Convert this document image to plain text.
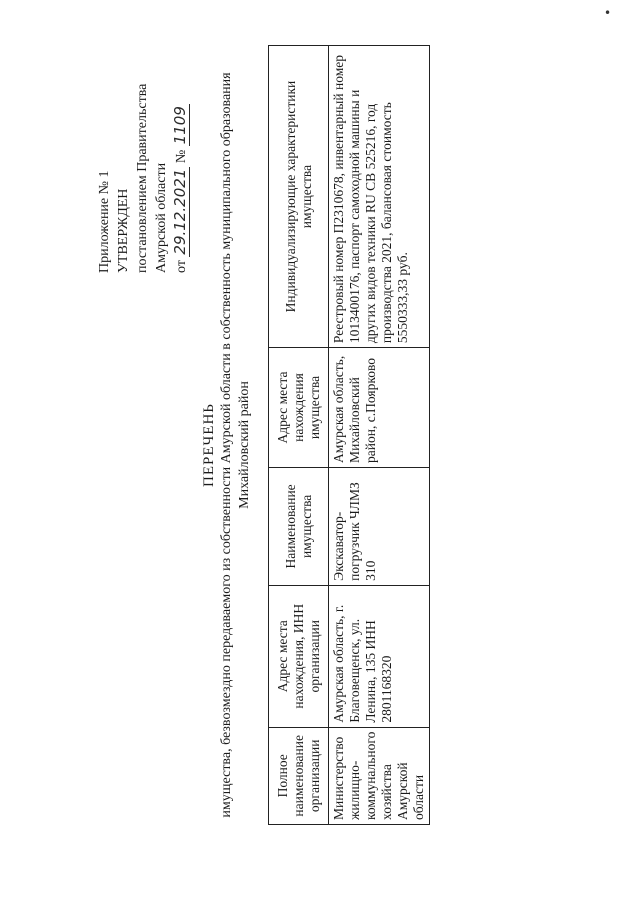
•
Приложение № 1 УТВЕРЖДЕН постановлением Правительства Амурской области от 29.12.2021 № 1109
ПЕРЕЧЕНЬ имущества, безвозмездно передаваемого из собственности Амурской области в собственность муниципального образования Михайловский район
Полное наименование организации	Адрес места нахождения, ИНН организации	Наименование имущества	Адрес места нахождения имущества	Индивидуализирующие характеристики имущества
Министерство жилищно-коммунального хозяйства Амурской области	Амурская область, г. Благовещенск, ул. Ленина, 135 ИНН 2801168320	Экскаватор-погрузчик ЧЛМЗ 310	Амурская область, Михайловский район, с.Поярково	Реестровый номер П2310678, инвентарный номер 1013400176, паспорт самоходной машины и других видов техники RU CB 525216, год производства 2021, балансовая стоимость 5550333,33 руб.
